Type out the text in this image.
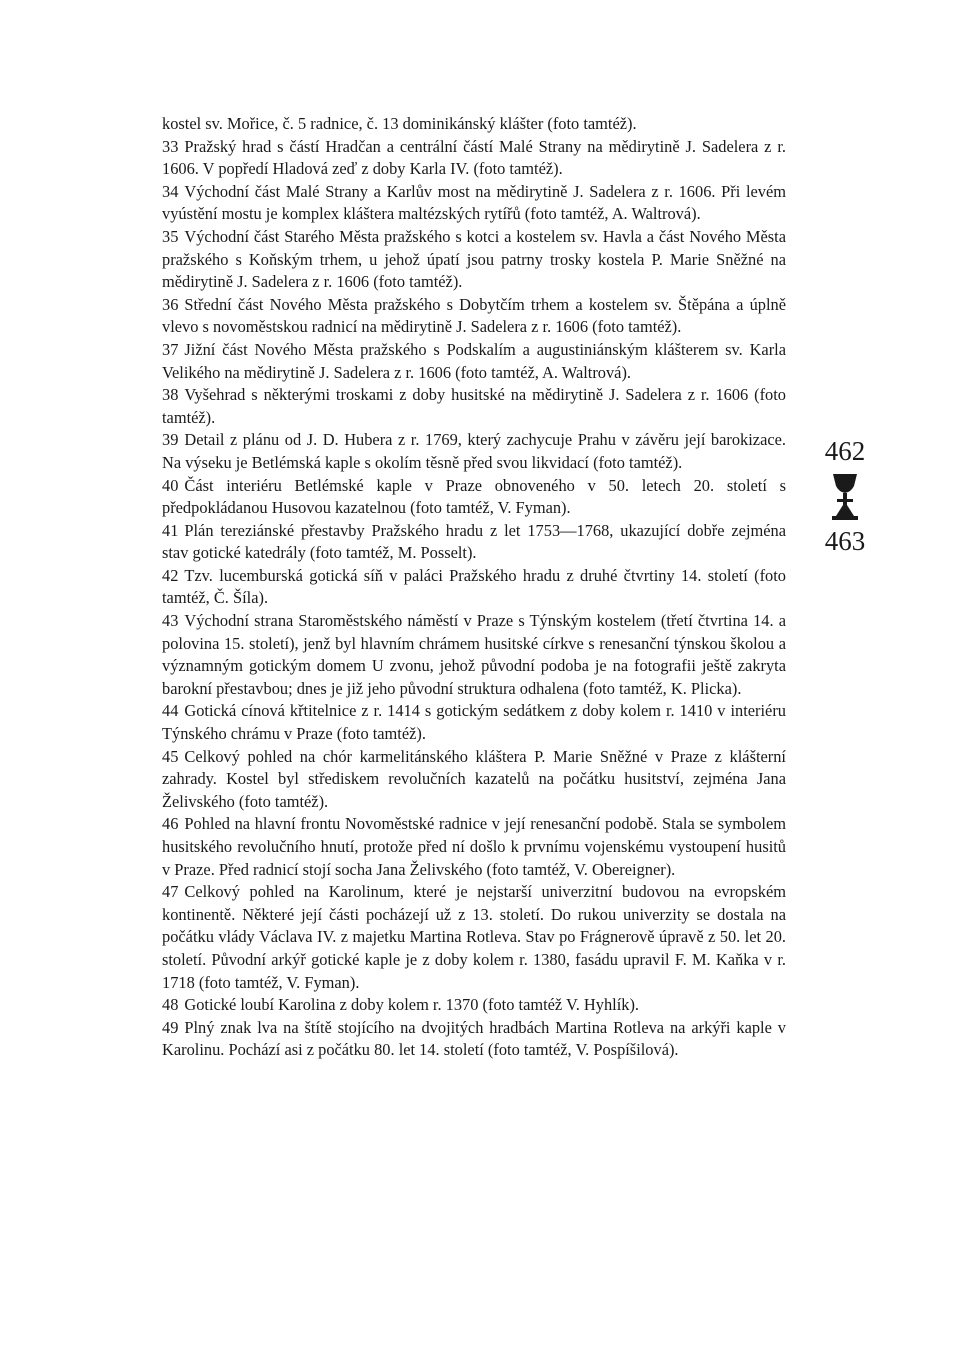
kostel sv. Mořice, č. 5 radnice, č. 13 dominikánský klášter (foto tamtéž).

33 Pražský hrad s částí Hradčan a centrální částí Malé Strany na mědirytině J. Sadelera z r. 1606. V popředí Hladová zeď z doby Karla IV. (foto tamtéž).

34 Východní část Malé Strany a Karlův most na mědirytině J. Sadelera z r. 1606. Při levém vyústění mostu je komplex kláštera maltézských rytířů (foto tamtéž, A. Waltrová).

35 Východní část Starého Města pražského s kotci a kostelem sv. Havla a část Nového Města pražského s Koňským trhem, u jehož úpatí jsou patrny trosky kostela P. Marie Sněžné na mědirytině J. Sadelera z r. 1606 (foto tamtéž).

36 Střední část Nového Města pražského s Dobytčím trhem a kostelem sv. Štěpána a úplně vlevo s novoměstskou radnicí na mědirytině J. Sadelera z r. 1606 (foto tamtéž).

37 Jižní část Nového Města pražského s Podskalím a augustiniánským klášterem sv. Karla Velikého na mědirytině J. Sadelera z r. 1606 (foto tamtéž, A. Waltrová).

38 Vyšehrad s některými troskami z doby husitské na mědirytině J. Sadelera z r. 1606 (foto tamtéž).

39 Detail z plánu od J. D. Hubera z r. 1769, který zachycuje Prahu v závěru její barokizace. Na výseku je Betlémská kaple s okolím těsně před svou likvidací (foto tamtéž).

40 Část interiéru Betlémské kaple v Praze obnoveného v 50. letech 20. století s předpokládanou Husovou kazatelnou (foto tamtéž, V. Fyman).

41 Plán tereziánské přestavby Pražského hradu z let 1753—1768, ukazující dobře zejména stav gotické katedrály (foto tamtéž, M. Posselt).

42 Tzv. lucemburská gotická síň v paláci Pražského hradu z druhé čtvrtiny 14. století (foto tamtéž, Č. Šíla).

43 Východní strana Staroměstského náměstí v Praze s Týnským kostelem (třetí čtvrtina 14. a polovina 15. století), jenž byl hlavním chrámem husitské církve s renesanční týnskou školou a významným gotickým domem U zvonu, jehož původní podoba je na fotografii ještě zakryta barokní přestavbou; dnes je již jeho původní struktura odhalena (foto tamtéž, K. Plicka).

44 Gotická cínová křtitelnice z r. 1414 s gotickým sedátkem z doby kolem r. 1410 v interiéru Týnského chrámu v Praze (foto tamtéž).

45 Celkový pohled na chór karmelitánského kláštera P. Marie Sněžné v Praze z klášterní zahrady. Kostel byl střediskem revolučních kazatelů na počátku husitství, zejména Jana Želivského (foto tamtéž).

46 Pohled na hlavní frontu Novoměstské radnice v její renesanční podobě. Stala se symbolem husitského revolučního hnutí, protože před ní došlo k prvnímu vojenskému vystoupení husitů v Praze. Před radnicí stojí socha Jana Želivského (foto tamtéž, V. Obereigner).

47 Celkový pohled na Karolinum, které je nejstarší univerzitní budovou na evropském kontinentě. Některé její části pocházejí už z 13. století. Do rukou univerzity se dostala na počátku vlády Václava IV. z majetku Martina Rotleva. Stav po Frágnerově úpravě z 50. let 20. století. Původní arkýř gotické kaple je z doby kolem r. 1380, fasádu upravil F. M. Kaňka v r. 1718 (foto tamtéž, V. Fyman).

48 Gotické loubí Karolina z doby kolem r. 1370 (foto tamtéž V. Hyhlík).

49 Plný znak lva na štítě stojícího na dvojitých hradbách Martina Rotleva na arkýři kaple v Karolinu. Pochází asi z počátku 80. let 14. století (foto tamtéž, V. Pospíšilová).

462
463
